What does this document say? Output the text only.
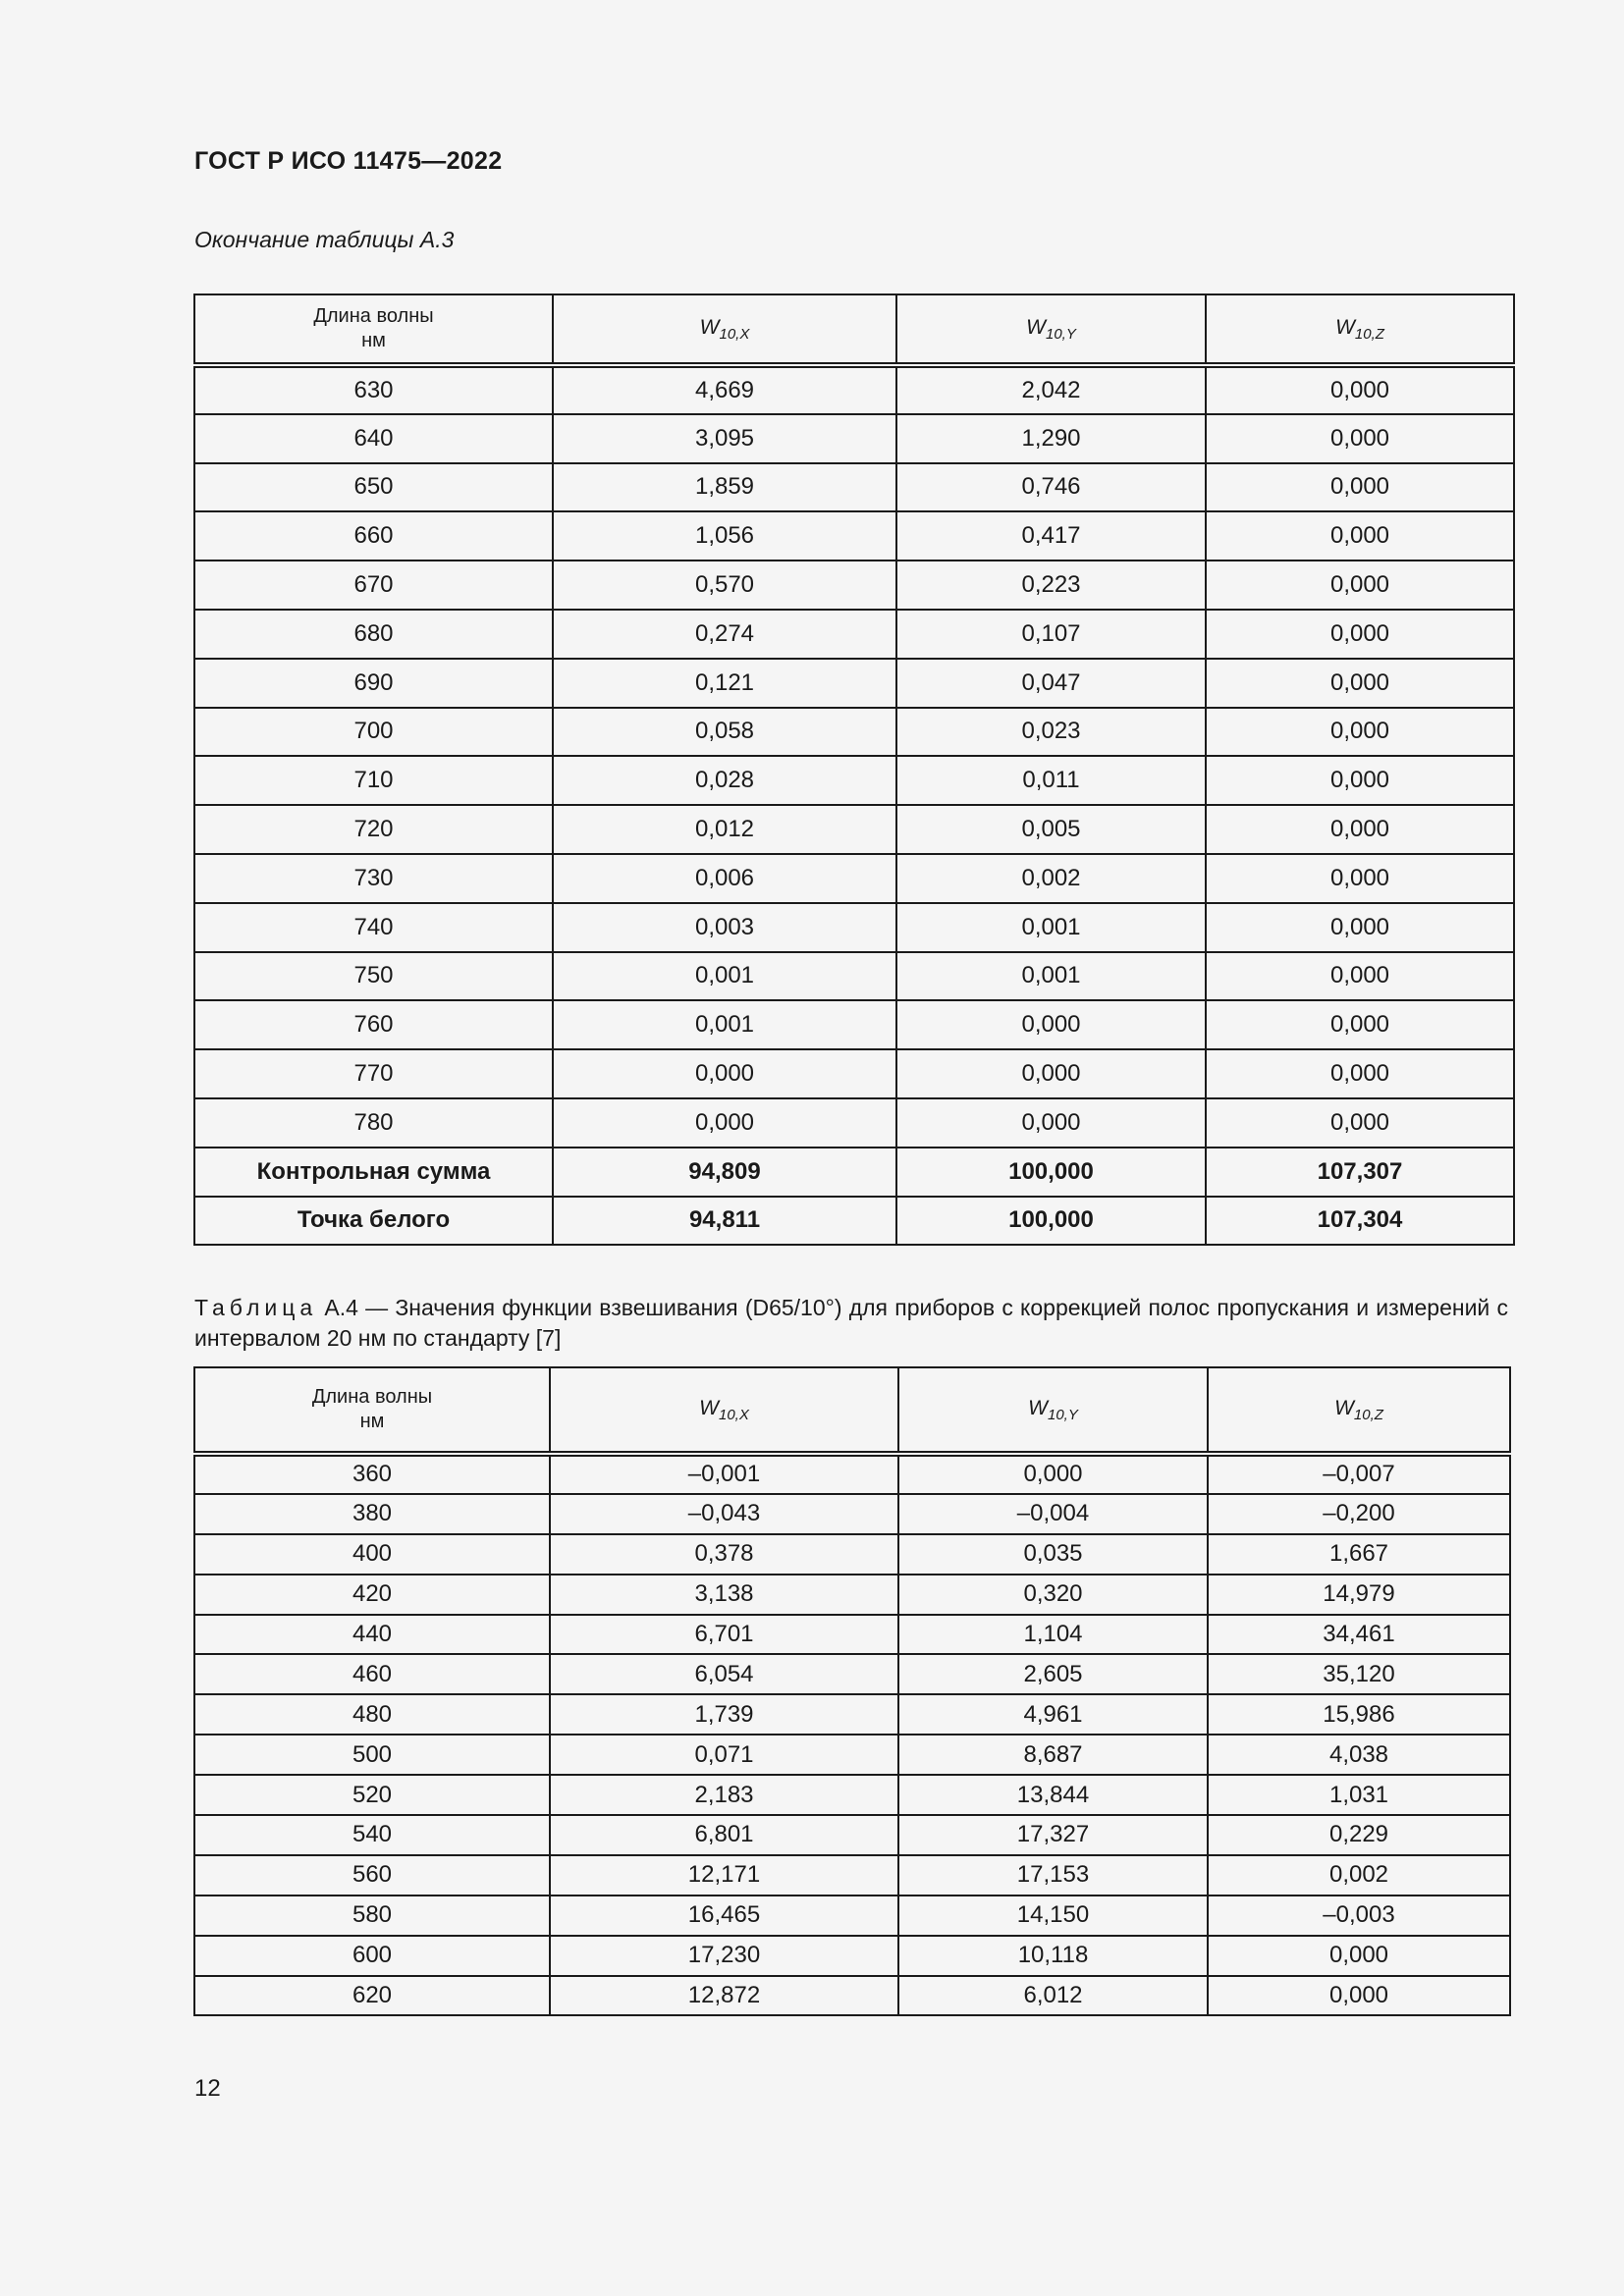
ГОСТ Р ИСО 11475—2022
Окончание таблицы А.3
Длина волны
нм	$W_{10,X}$	$W_{10,Y}$	$W_{10,Z}$
630	4,669	2,042	0,000
640	3,095	1,290	0,000
650	1,859	0,746	0,000
660	1,056	0,417	0,000
670	0,570	0,223	0,000
680	0,274	0,107	0,000
690	0,121	0,047	0,000
700	0,058	0,023	0,000
710	0,028	0,011	0,000
720	0,012	0,005	0,000
730	0,006	0,002	0,000
740	0,003	0,001	0,000
750	0,001	0,001	0,000
760	0,001	0,000	0,000
770	0,000	0,000	0,000
780	0,000	0,000	0,000
Контрольная сумма	94,809	100,000	107,307
Точка белого	94,811	100,000	107,304
Таблица А.4 — Значения функции взвешивания (D65/10°) для приборов с коррекцией полос пропускания и измерений с интервалом 20 нм по стандарту [7]
Длина волны
нм	$W_{10,X}$	$W_{10,Y}$	$W_{10,Z}$
360	–0,001	0,000	–0,007
380	–0,043	–0,004	–0,200
400	0,378	0,035	1,667
420	3,138	0,320	14,979
440	6,701	1,104	34,461
460	6,054	2,605	35,120
480	1,739	4,961	15,986
500	0,071	8,687	4,038
520	2,183	13,844	1,031
540	6,801	17,327	0,229
560	12,171	17,153	0,002
580	16,465	14,150	–0,003
600	17,230	10,118	0,000
620	12,872	6,012	0,000
12
